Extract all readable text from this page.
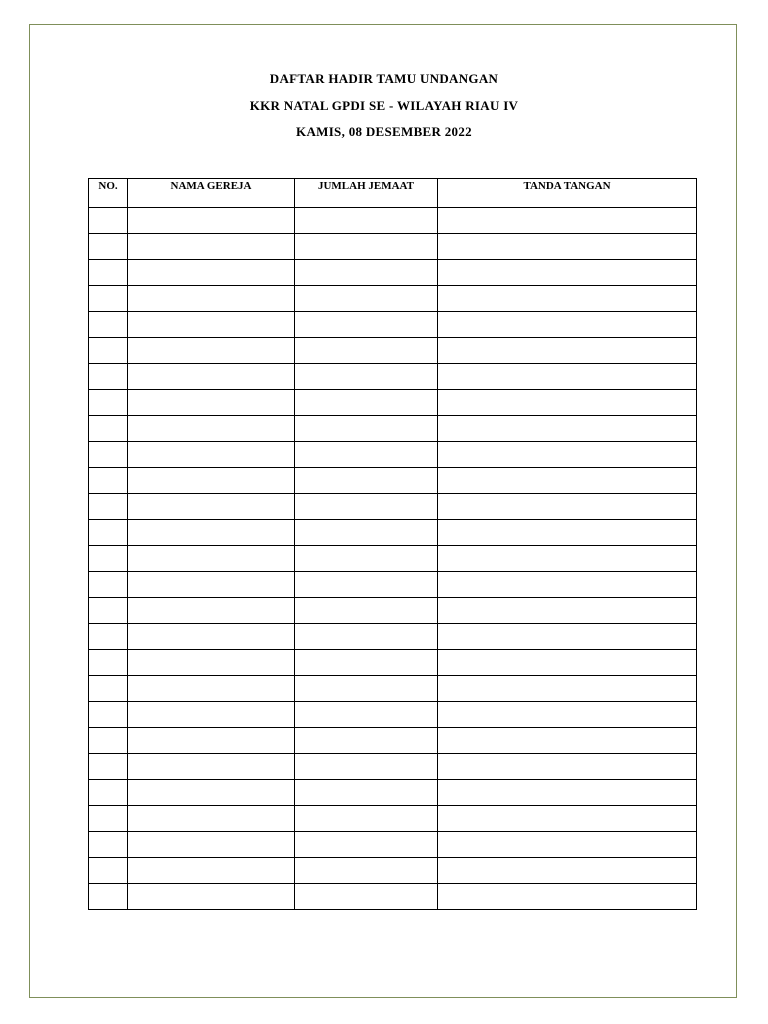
DAFTAR HADIR TAMU UNDANGAN
KKR NATAL GPDI SE - WILAYAH RIAU IV
KAMIS, 08 DESEMBER 2022
NO.	NAMA GEREJA	JUMLAH JEMAAT	TANDA TANGAN
